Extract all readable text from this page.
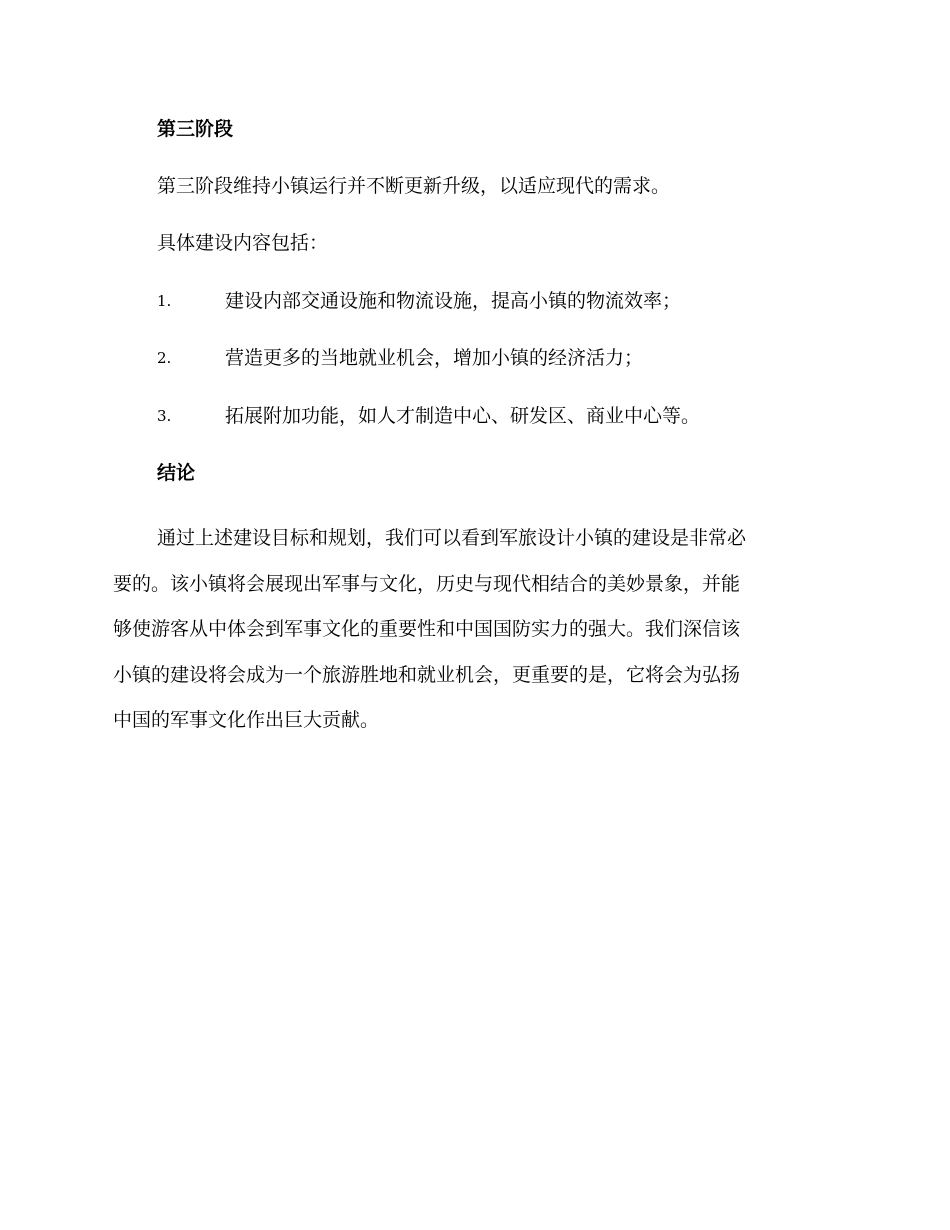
第三阶段
第三阶段维持小镇运行并不断更新升级，以适应现代的需求。
具体建设内容包括：
1.	建设内部交通设施和物流设施，提高小镇的物流效率；
2.	营造更多的当地就业机会，增加小镇的经济活力；
3.	拓展附加功能，如人才制造中心、研发区、商业中心等。
结论
通过上述建设目标和规划，我们可以看到军旅设计小镇的建设是非常必
要的。该小镇将会展现出军事与文化，历史与现代相结合的美妙景象，并能
够使游客从中体会到军事文化的重要性和中国国防实力的强大。我们深信该
小镇的建设将会成为一个旅游胜地和就业机会，更重要的是，它将会为弘扬
中国的军事文化作出巨大贡献。
